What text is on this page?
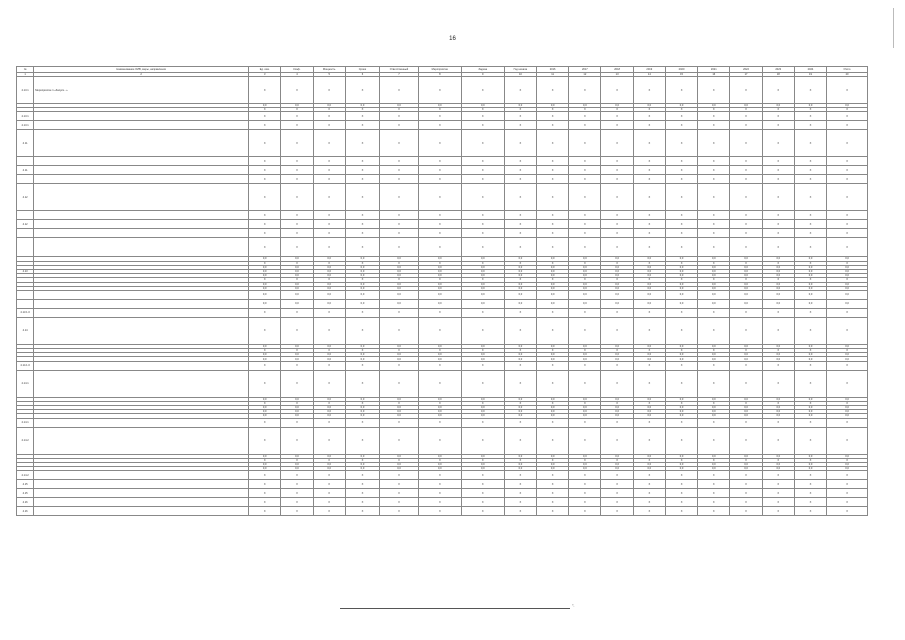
16
№	Наименование ОИВ, меры, направления	Ед. изм.	Коэф.	Мощность	Сроки	Ответственный	Мероприятие	Задача	Год начала	2016	2017	2018	2019	2020	2021	2022	2023	2024	Итого
1	2	3	4	5	6	7	8	9	10	11	12	13	14	15	16	17	18	19	20
4.13.1	Мероприятие 1 «Запуск...»	X	X	X	X	X	X	X	X	X	X	X	X	X	X	X	X	X	X
		0,0	0,0	0,0	0,0	0,0	0,0	0,0	0,0	0,0	0,0	0,0	0,0	0,0	0,0	0,0	0,0	0,0	0,0
		X	X	X	X	X	X	X	X	X	X	X	X	X	X	X	X	X	X
4.13.1		X	X	X	X	X	X	X	X	X	X	X	X	X	X	X	X	X	X
4.13.1		X	X	X	X	X	X	X	X	X	X	X	X	X	X	X	X	X	X
4.11		X	X	X	X	X	X	X	X	X	X	X	X	X	X	X	X	X	X
		X	X	X	X	X	X	X	X	X	X	X	X	X	X	X	X	X	X
4.11		X	X	X	X	X	X	X	X	X	X	X	X	X	X	X	X	X	X
		X	X	X	X	X	X	X	X	X	X	X	X	X	X	X	X	X	X
4.12		X	X	X	X	X	X	X	X	X	X	X	X	X	X	X	X	X	X
		X	X	X	X	X	X	X	X	X	X	X	X	X	X	X	X	X	X
4.12		X	X	X	X	X	X	X	X	X	X	X	X	X	X	X	X	X	X
		X	X	X	X	X	X	X	X	X	X	X	X	X	X	X	X	X	X
		X	X	X	X	X	X	X	X	X	X	X	X	X	X	X	X	X	X
		0,0	0,0	0,0	0,0	0,0	0,0	0,0	0,0	0,0	0,0	0,0	0,0	0,0	0,0	0,0	0,0	0,0	0,0
		X	X	X	X	X	X	X	X	X	X	X	X	X	X	X	X	X	X
		0,0	0,0	0,0	0,0	0,0	0,0	0,0	0,0	0,0	0,0	0,0	0,0	0,0	0,0	0,0	0,0	0,0	0,0
4.13		0,0	0,0	0,0	0,0	0,0	0,0	0,0	0,0	0,0	0,0	0,0	0,0	0,0	0,0	0,0	0,0	0,0	0,0
		0,0	0,0	0,0	0,0	0,0	0,0	0,0	0,0	0,0	0,0	0,0	0,0	0,0	0,0	0,0	0,0	0,0	0,0
		X	X	X	X	X	X	X	X	X	X	X	X	X	X	X	X	X	X
		0,0	0,0	0,0	0,0	0,0	0,0	0,0	0,0	0,0	0,0	0,0	0,0	0,0	0,0	0,0	0,0	0,0	0,0
		0,0	0,0	0,0	0,0	0,0	0,0	0,0	0,0	0,0	0,0	0,0	0,0	0,0	0,0	0,0	0,0	0,0	0,0
		0,0	0,0	0,0	0,0	0,0	0,0	0,0	0,0	0,0	0,0	0,0	0,0	0,0	0,0	0,0	0,0	0,0	0,0
		0,0	0,0	0,0	0,0	0,0	0,0	0,0	0,0	0,0	0,0	0,0	0,0	0,0	0,0	0,0	0,0	0,0	0,0
4.13.1.0		X	X	X	X	X	X	X	X	X	X	X	X	X	X	X	X	X	X
4.14		X	X	X	X	X	X	X	X	X	X	X	X	X	X	X	X	X	X
		0,0	0,0	0,0	0,0	0,0	0,0	0,0	0,0	0,0	0,0	0,0	0,0	0,0	0,0	0,0	0,0	0,0	0,0
		X	X	X	X	X	X	X	X	X	X	X	X	X	X	X	X	X	X
		0,0	0,0	0,0	0,0	0,0	0,0	0,0	0,0	0,0	0,0	0,0	0,0	0,0	0,0	0,0	0,0	0,0	0,0
		0,0	0,0	0,0	0,0	0,0	0,0	0,0	0,0	0,0	0,0	0,0	0,0	0,0	0,0	0,0	0,0	0,0	0,0
4.14.1.0		X	X	X	X	X	X	X	X	X	X	X	X	X	X	X	X	X	X
4.14.1		X	X	X	X	X	X	X	X	X	X	X	X	X	X	X	X	X	X
		0,0	0,0	0,0	0,0	0,0	0,0	0,0	0,0	0,0	0,0	0,0	0,0	0,0	0,0	0,0	0,0	0,0	0,0
		X	X	X	X	X	X	X	X	X	X	X	X	X	X	X	X	X	X
		0,0	0,0	0,0	0,0	0,0	0,0	0,0	0,0	0,0	0,0	0,0	0,0	0,0	0,0	0,0	0,0	0,0	0,0
		0,0	0,0	0,0	0,0	0,0	0,0	0,0	0,0	0,0	0,0	0,0	0,0	0,0	0,0	0,0	0,0	0,0	0,0
		0,0	0,0	0,0	0,0	0,0	0,0	0,0	0,0	0,0	0,0	0,0	0,0	0,0	0,0	0,0	0,0	0,0	0,0
4.14.1		X	X	X	X	X	X	X	X	X	X	X	X	X	X	X	X	X	X
4.14.2		X	X	X	X	X	X	X	X	X	X	X	X	X	X	X	X	X	X
		0,0	0,0	0,0	0,0	0,0	0,0	0,0	0,0	0,0	0,0	0,0	0,0	0,0	0,0	0,0	0,0	0,0	0,0
		X	X	X	X	X	X	X	X	X	X	X	X	X	X	X	X	X	X
		0,0	0,0	0,0	0,0	0,0	0,0	0,0	0,0	0,0	0,0	0,0	0,0	0,0	0,0	0,0	0,0	0,0	0,0
		0,0	0,0	0,0	0,0	0,0	0,0	0,0	0,0	0,0	0,0	0,0	0,0	0,0	0,0	0,0	0,0	0,0	0,0
4.14.2		X	X	X	X	X	X	X	X	X	X	X	X	X	X	X	X	X	X
4.15		X	X	X	X	X	X	X	X	X	X	X	X	X	X	X	X	X	X
4.15		X	X	X	X	X	X	X	X	X	X	X	X	X	X	X	X	X	X
4.16		X	X	X	X	X	X	X	X	X	X	X	X	X	X	X	X	X	X
4.16		X	X	X	X	X	X	X	X	X	X	X	X	X	X	X	X	X	X
".
